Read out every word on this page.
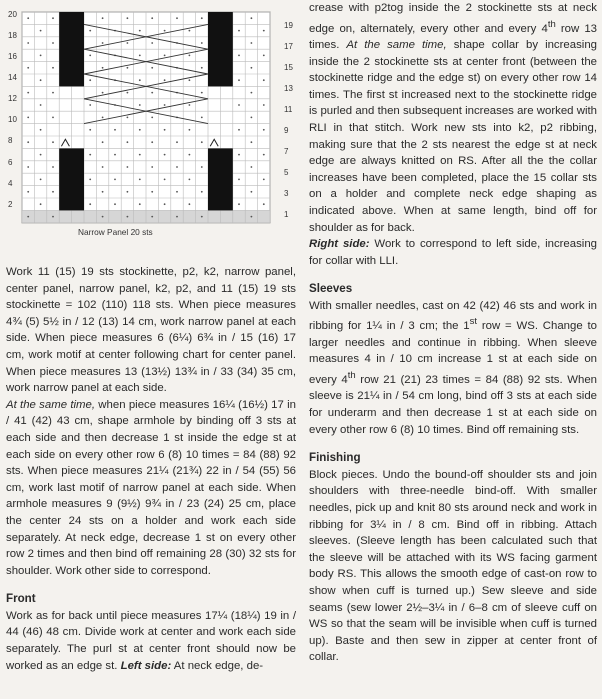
2
4
6
8
10
12
14
16
18
20
1
3
5
7
9
11
13
15
17
19
Narrow Panel 20 sts

Work 11 (15) 19 sts stockinette, p2, k2, narrow panel, center panel, narrow panel, k2, p2, and 11 (15) 19 sts stockinette = 102 (110) 118 sts. When piece measures 4¾ (5) 5½ in / 12 (13) 14 cm, work narrow panel at each side. When piece measures 6 (6¼) 6¾ in / 15 (16) 17 cm, work motif at center following chart for center panel. When piece measures 13 (13½) 13¾ in / 33 (34) 35 cm, work narrow panel at each side.

At the same time, when piece measures 16¼ (16½) 17 in / 41 (42) 43 cm, shape armhole by binding off 3 sts at each side and then decrease 1 st inside the edge st at each side on every other row 6 (8) 10 times = 84 (88) 92 sts. When piece measures 21¼ (21¾) 22 in / 54 (55) 56 cm, work last motif of narrow panel at each side. When armhole measures 9 (9½) 9¾ in / 23 (24) 25 cm, place the center 24 sts on a holder and work each side separately. At neck edge, decrease 1 st on every other row 2 times and then bind off remaining 28 (30) 32 sts for shoulder. Work other side to correspond.

Front

Work as for back until piece measures 17¼ (18¼) 19 in / 44 (46) 48 cm. Divide work at center and work each side separately. The purl st at center front should now be worked as an edge st. Left side: At neck edge, de-

crease with p2tog inside the 2 stockinette sts at neck edge on, alternately, every other and every 4th row 13 times. At the same time, shape collar by increasing inside the 2 stockinette sts at center front (between the stockinette ridge and the edge st) on every other row 14 times. The first st increased next to the stockinette ridge is purled and then subsequent increases are worked with RLI in that stitch. Work new sts into k2, p2 ribbing, making sure that the 2 sts nearest the edge st at neck edge are always knitted on RS. After all the the collar increases have been completed, place the 15 collar sts on a holder and complete neck edge shaping as indicated above. When at same length, bind off for shoulder as for back.

Right side: Work to correspond to left side, increasing for collar with LLI.

Sleeves

With smaller needles, cast on 42 (42) 46 sts and work in ribbing for 1¼ in / 3 cm; the 1st row = WS. Change to larger needles and continue in ribbing. When sleeve measures 4 in / 10 cm increase 1 st at each side on every 4th row 21 (21) 23 times = 84 (88) 92 sts. When sleeve is 21¼ in / 54 cm long, bind off 3 sts at each side for underarm and then decrease 1 st at each side on every other row 6 (8) 10 times. Bind off remaining sts.

Finishing

Block pieces. Undo the bound-off shoulder sts and join shoulders with three-needle bind-off. With smaller needles, pick up and knit 80 sts around neck and work in ribbing for 3¼ in / 8 cm. Bind off in ribbing. Attach sleeves. (Sleeve length has been calculated such that the sleeve will be attached with its WS facing garment body RS. This allows the smooth edge of cast-on row to show when cuff is turned up.) Sew sleeve and side seams (sew lower 2½–3¼ in / 6–8 cm of sleeve cuff on WS so that the seam will be invisible when cuff is turned up). Baste and then sew in zipper at center front of collar.
